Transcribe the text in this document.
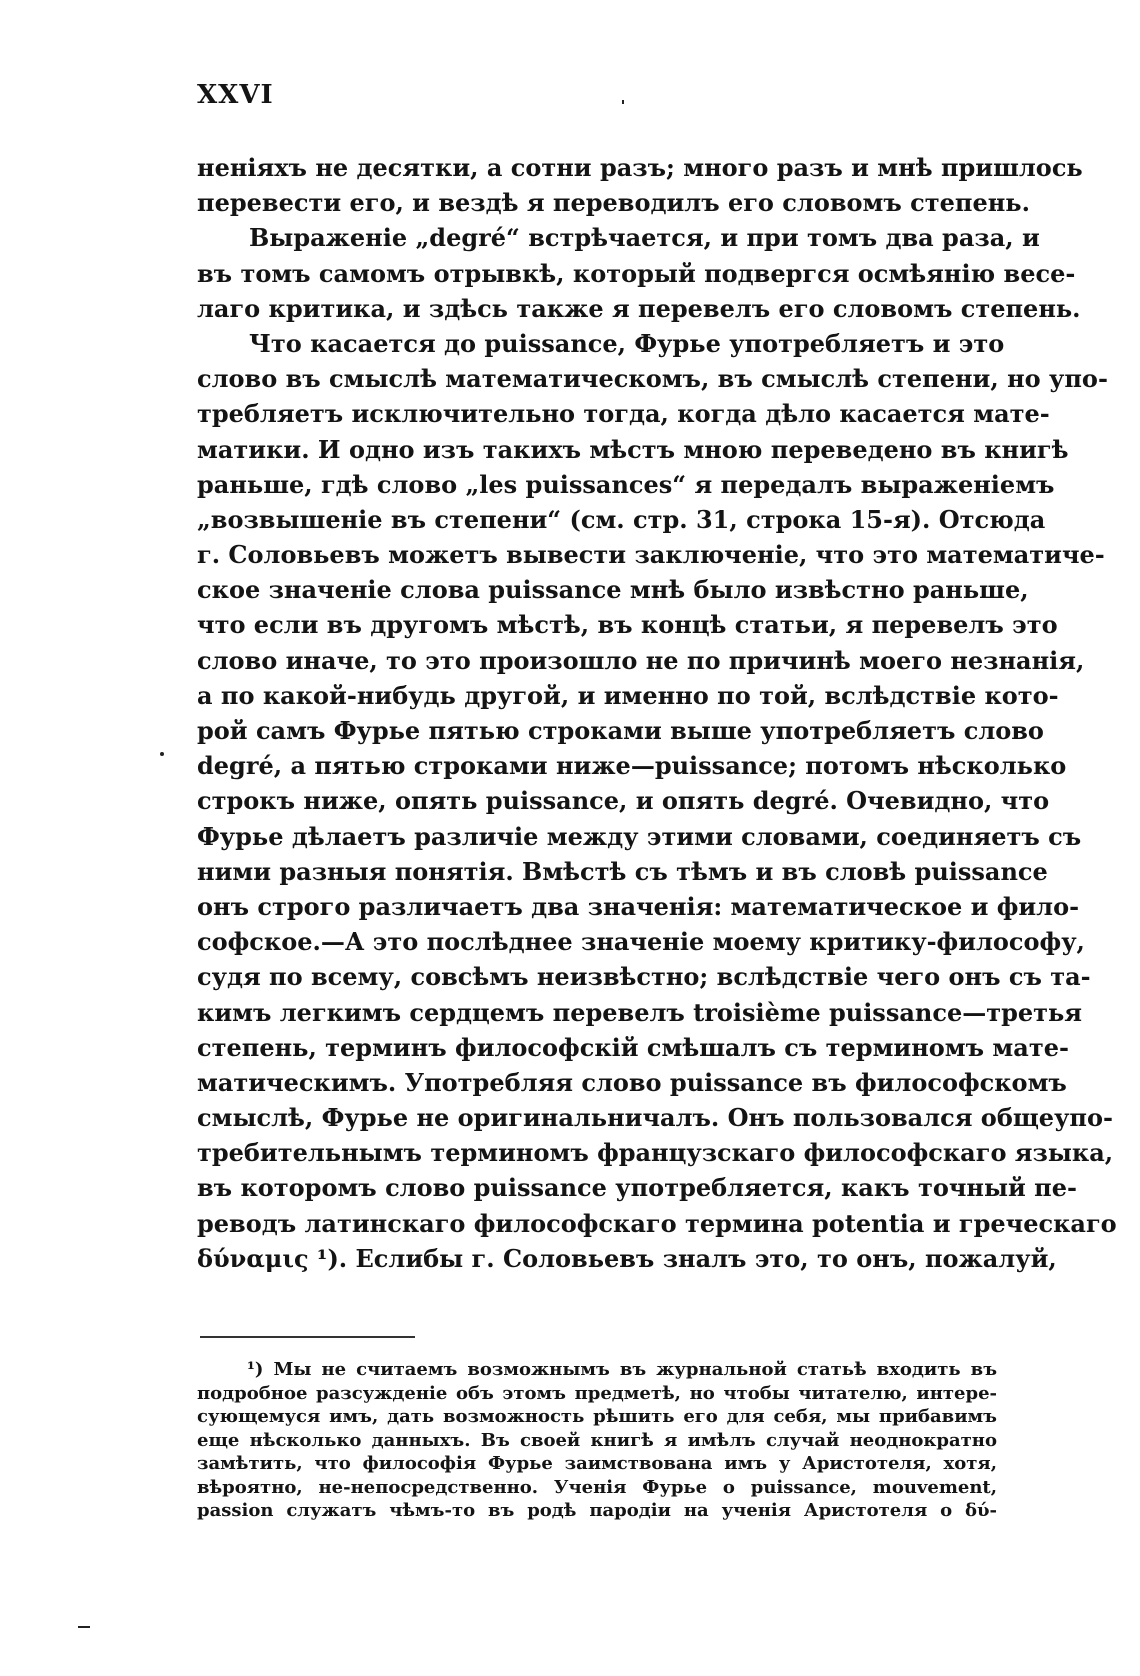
XXVI
неніяхъ не десятки, а сотни разъ; много разъ и мнѣ пришлось
перевести его, и вездѣ я переводилъ его словомъ степень.
Выраженіе „degré“ встрѣчается, и при томъ два раза, и
въ томъ самомъ отрывкѣ, который подвергся осмѣянію весе-
лаго критика, и здѣсь также я перевелъ его словомъ степень.
Что касается до puissance, Фурье употребляетъ и это
слово въ смыслѣ математическомъ, въ смыслѣ степени, но упо-
требляетъ исключительно тогда, когда дѣло касается мате-
матики. И одно изъ такихъ мѣстъ мною переведено въ книгѣ
раньше, гдѣ слово „les puissances“ я передалъ выраженіемъ
„возвышеніе въ степени“ (см. стр. 31, строка 15-я). Отсюда
г. Соловьевъ можетъ вывести заключеніе, что это математиче-
ское значеніе слова puissance мнѣ было извѣстно раньше,
что если въ другомъ мѣстѣ, въ концѣ статьи, я перевелъ это
слово иначе, то это произошло не по причинѣ моего незнанія,
а по какой-нибудь другой, и именно по той, вслѣдствіе кото-
рой самъ Фурье пятью строками выше употребляетъ слово
degré, а пятью строками ниже—puissance; потомъ нѣсколько
строкъ ниже, опять puissance, и опять degré. Очевидно, что
Фурье дѣлаетъ различіе между этими словами, соединяетъ съ
ними разныя понятія. Вмѣстѣ съ тѣмъ и въ словѣ puissance
онъ строго различаетъ два значенія: математическое и фило-
софское.—А это послѣднее значеніе моему критику-философу,
судя по всему, совсѣмъ неизвѣстно; вслѣдствіе чего онъ съ та-
кимъ легкимъ сердцемъ перевелъ troisième puissance—третья
степень, терминъ философскій смѣшалъ съ терминомъ мате-
матическимъ. Употребляя слово puissance въ философскомъ
смыслѣ, Фурье не оригинальничалъ. Онъ пользовался общеупо-
требительнымъ терминомъ французскаго философскаго языка,
въ которомъ слово puissance употребляется, какъ точный пе-
реводъ латинскаго философскаго термина potentia и греческаго
δύναμις ¹). Еслибы г. Соловьевъ зналъ это, то онъ, пожалуй,
¹) Мы не считаемъ возможнымъ въ журнальной статьѣ входить въ
подробное разсужденіе объ этомъ предметѣ, но чтобы читателю, интере-
сующемуся имъ, дать возможность рѣшить его для себя, мы прибавимъ
еще нѣсколько данныхъ. Въ своей книгѣ я имѣлъ случай неоднократно
замѣтить, что философія Фурье заимствована имъ у Аристотеля, хотя,
вѣроятно, не-непосредственно. Ученія Фурье о puissance, mouvement,
passion служатъ чѣмъ-то въ родѣ пародіи на ученія Аристотеля о δύ-
